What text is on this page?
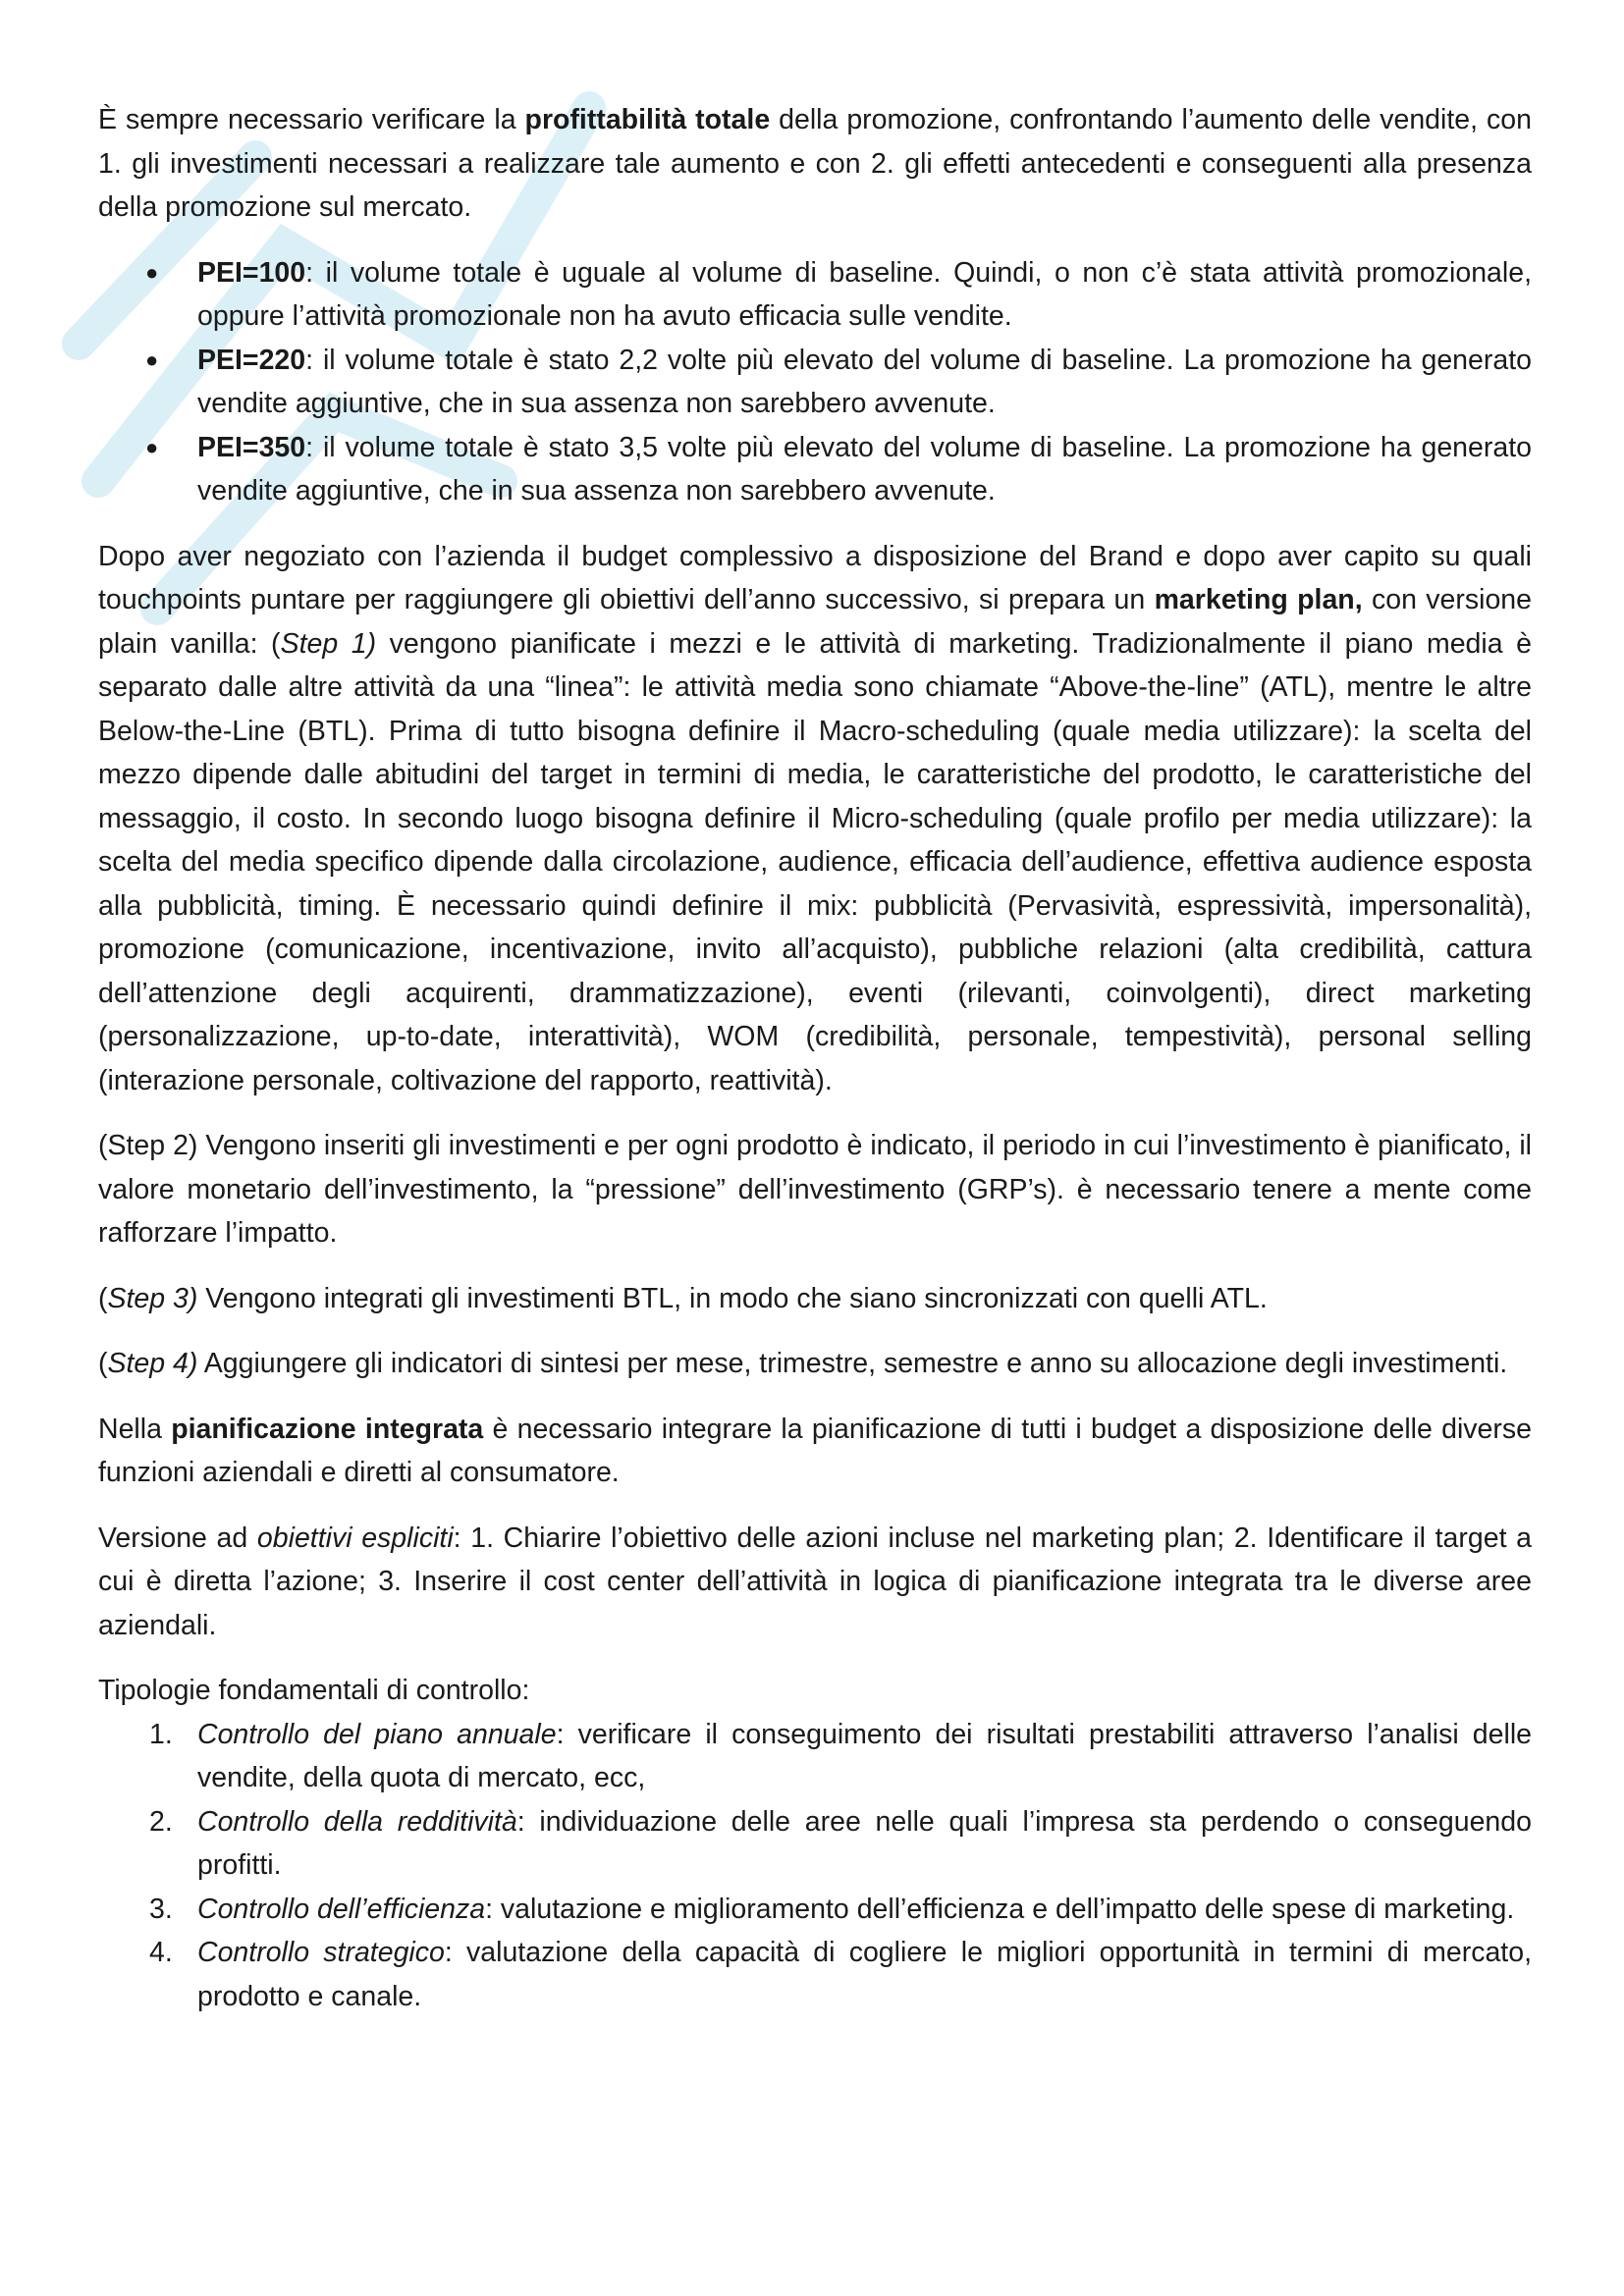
È sempre necessario verificare la profittabilità totale della promozione, confrontando l’aumento delle vendite, con 1. gli investimenti necessari a realizzare tale aumento e con 2. gli effetti antecedenti e conseguenti alla presenza della promozione sul mercato.

● PEI=100: il volume totale è uguale al volume di baseline. Quindi, o non c’è stata attività promozionale, oppure l’attività promozionale non ha avuto efficacia sulle vendite.
● PEI=220: il volume totale è stato 2,2 volte più elevato del volume di baseline. La promozione ha generato vendite aggiuntive, che in sua assenza non sarebbero avvenute.
● PEI=350: il volume totale è stato 3,5 volte più elevato del volume di baseline. La promozione ha generato vendite aggiuntive, che in sua assenza non sarebbero avvenute.

Dopo aver negoziato con l’azienda il budget complessivo a disposizione del Brand e dopo aver capito su quali touchpoints puntare per raggiungere gli obiettivi dell’anno successivo, si prepara un marketing plan, con versione plain vanilla: (Step 1) vengono pianificate i mezzi e le attività di marketing. Tradizionalmente il piano media è separato dalle altre attività da una “linea”: le attività media sono chiamate “Above-the-line” (ATL), mentre le altre Below-the-Line (BTL). Prima di tutto bisogna definire il Macro-scheduling (quale media utilizzare): la scelta del mezzo dipende dalle abitudini del target in termini di media, le caratteristiche del prodotto, le caratteristiche del messaggio, il costo. In secondo luogo bisogna definire il Micro-scheduling (quale profilo per media utilizzare): la scelta del media specifico dipende dalla circolazione, audience, efficacia dell’audience, effettiva audience esposta alla pubblicità, timing. È necessario quindi definire il mix: pubblicità (Pervasività, espressività, impersonalità), promozione (comunicazione, incentivazione, invito all’acquisto), pubbliche relazioni (alta credibilità, cattura dell’attenzione degli acquirenti, drammatizzazione), eventi (rilevanti, coinvolgenti), direct marketing (personalizzazione, up-to-date, interattività), WOM (credibilità, personale, tempestività), personal selling (interazione personale, coltivazione del rapporto, reattività).

(Step 2) Vengono inseriti gli investimenti e per ogni prodotto è indicato, il periodo in cui l’investimento è pianificato, il valore monetario dell’investimento, la “pressione” dell’investimento (GRP’s). è necessario tenere a mente come rafforzare l’impatto.

(Step 3) Vengono integrati gli investimenti BTL, in modo che siano sincronizzati con quelli ATL.

(Step 4) Aggiungere gli indicatori di sintesi per mese, trimestre, semestre e anno su allocazione degli investimenti.

Nella pianificazione integrata è necessario integrare la pianificazione di tutti i budget a disposizione delle diverse funzioni aziendali e diretti al consumatore.

Versione ad obiettivi espliciti: 1. Chiarire l’obiettivo delle azioni incluse nel marketing plan; 2. Identificare il target a cui è diretta l’azione; 3. Inserire il cost center dell’attività in logica di pianificazione integrata tra le diverse aree aziendali.

Tipologie fondamentali di controllo:

1. Controllo del piano annuale: verificare il conseguimento dei risultati prestabiliti attraverso l’analisi delle vendite, della quota di mercato, ecc,
2. Controllo della redditività: individuazione delle aree nelle quali l’impresa sta perdendo o conseguendo profitti.
3. Controllo dell’efficienza: valutazione e miglioramento dell’efficienza e dell’impatto delle spese di marketing.
4. Controllo strategico: valutazione della capacità di cogliere le migliori opportunità in termini di mercato, prodotto e canale.
